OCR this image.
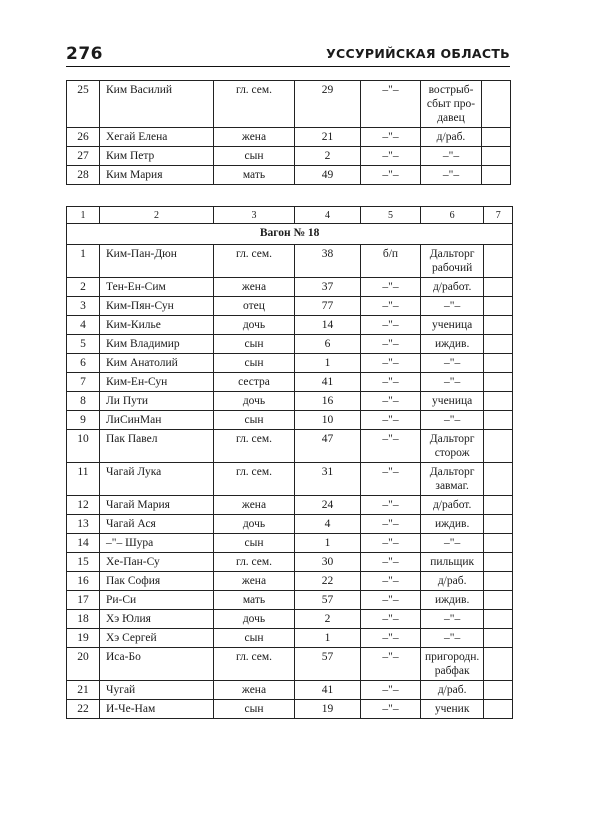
276	УССУРИЙСКАЯ ОБЛАСТЬ
25	Ким Василий	гл. сем.	29	–"–	вострыб-
сбыт про-
давец	
26	Хегай Елена	жена	21	–"–	д/раб.	
27	Ким Петр	сын	2	–"–	–"–	
28	Ким Мария	мать	49	–"–	–"–	
1	2	3	4	5	6	7
Вагон № 18						
1	Ким-Пан-Дюн	гл. сем.	38	б/п	Дальторг
рабочий	
2	Тен-Ен-Сим	жена	37	–"–	д/работ.	
3	Ким-Пян-Сун	отец	77	–"–	–"–	
4	Ким-Килье	дочь	14	–"–	ученица	
5	Ким Владимир	сын	6	–"–	иждив.	
6	Ким Анатолий	сын	1	–"–	–"–	
7	Ким-Ен-Сун	сестра	41	–"–	–"–	
8	Ли Пути	дочь	16	–"–	ученица	
9	ЛиСинМан	сын	10	–"–	–"–	
10	Пак Павел	гл. сем.	47	–"–	Дальторг
сторож	
11	Чагай Лука	гл. сем.	31	–"–	Дальторг
завмаг.	
12	Чагай Мария	жена	24	–"–	д/работ.	
13	Чагай Ася	дочь	4	–"–	иждив.	
14	–"– Шура	сын	1	–"–	–"–	
15	Хе-Пан-Су	гл. сем.	30	–"–	пильщик	
16	Пак София	жена	22	–"–	д/раб.	
17	Ри-Си	мать	57	–"–	иждив.	
18	Хэ Юлия	дочь	2	–"–	–"–	
19	Хэ Сергей	сын	1	–"–	–"–	
20	Иса-Бо	гл. сем.	57	–"–	пригородн.
рабфак	
21	Чугай	жена	41	–"–	д/раб.	
22	И-Че-Нам	сын	19	–"–	ученик	
